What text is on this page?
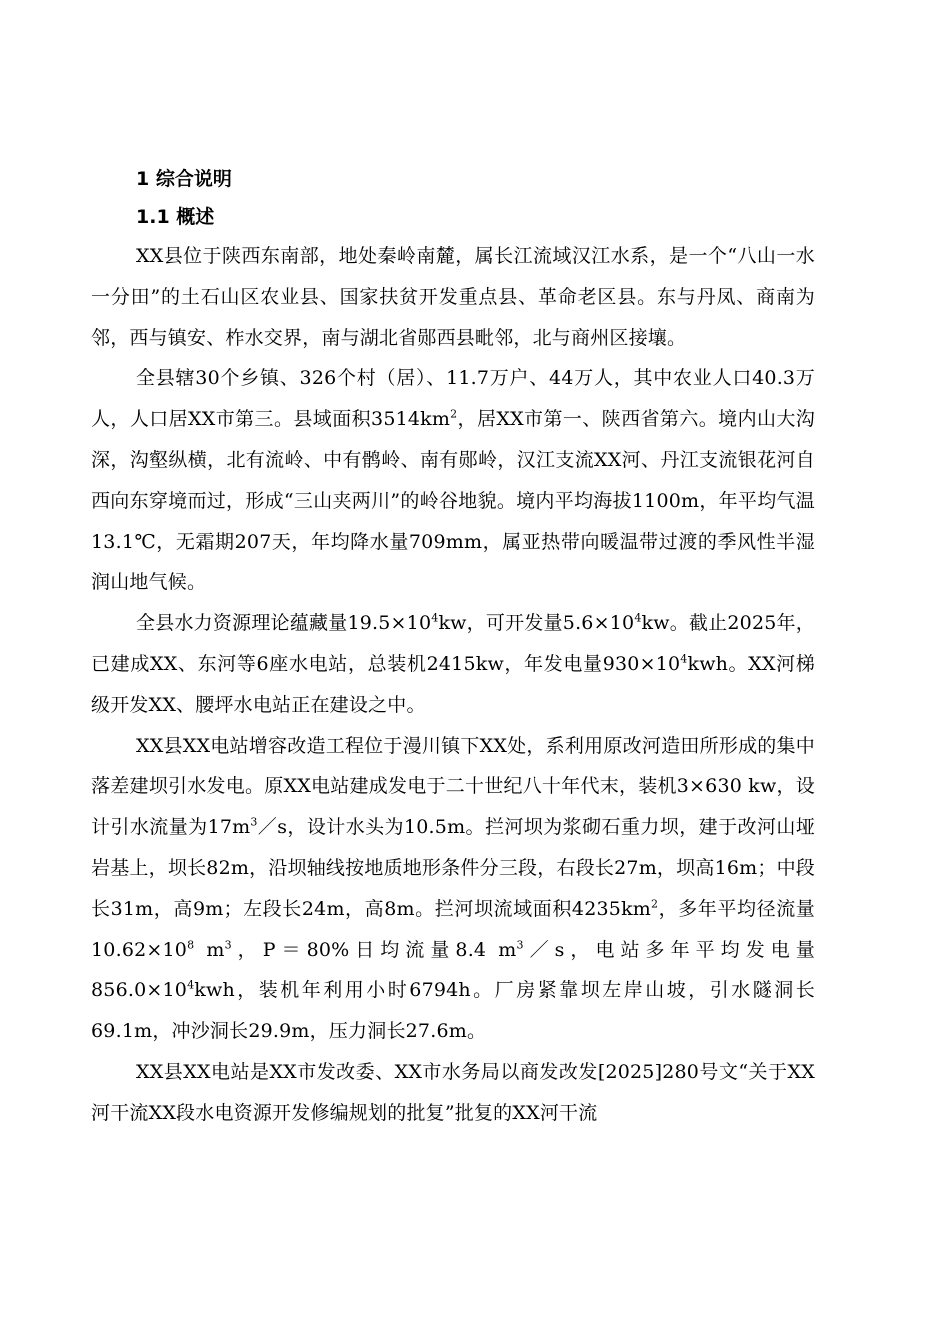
1 综合说明
1.1 概述

XX县位于陕西东南部，地处秦岭南麓，属长江流域汉江水系，是一个“八山一水一分田”的土石山区农业县、国家扶贫开发重点县、革命老区县。东与丹凤、商南为邻，西与镇安、柞水交界，南与湖北省郧西县毗邻，北与商州区接壤。

全县辖30个乡镇、326个村（居）、11.7万户、44万人，其中农业人口40.3万人，人口居XX市第三。县域面积$3514km^2$，居XX市第一、陕西省第六。境内山大沟深，沟壑纵横，北有流岭、中有鹘岭、南有郧岭，汉江支流XX河、丹江支流银花河自西向东穿境而过，形成“三山夹两川”的岭谷地貌。境内平均海拔1100m，年平均气温13.1℃，无霜期207天，年均降水量709mm，属亚热带向暖温带过渡的季风性半湿润山地气候。

全县水力资源理论蕴藏量$19.5\times 10^4kw$，可开发量$5.6\times 10^4kw$。截止2025年，已建成XX、东河等6座水电站，总装机2415kw，年发电量$930\times 10^4kwh$。XX河梯级开发XX、腰坪水电站正在建设之中。

XX县XX电站增容改造工程位于漫川镇下XX处，系利用原改河造田所形成的集中落差建坝引水发电。原XX电站建成发电于二十世纪八十年代末，装机3×630 kw，设计引水流量为$17m^3/s$，设计水头为10.5m。拦河坝为浆砌石重力坝，建于改河山垭岩基上，坝长82m，沿坝轴线按地质地形条件分三段，右段长27m，坝高16m；中段长31m，高9m；左段长24m，高8m。拦河坝流域面积$4235km^2$，多年平均径流量$10.62\times 10^8$ $m^3$，P＝80%日均流量8.4 $m^3/s$，电站多年平均发电量$856.0\times 10^4kwh$，装机年利用小时6794h。厂房紧靠坝左岸山坡，引水隧洞长69.1m，冲沙洞长29.9m，压力洞长27.6m。

XX县XX电站是XX市发改委、XX市水务局以商发改发[2025]280号文“关于XX河干流XX段水电资源开发修编规划的批复”批复的XX河干流
